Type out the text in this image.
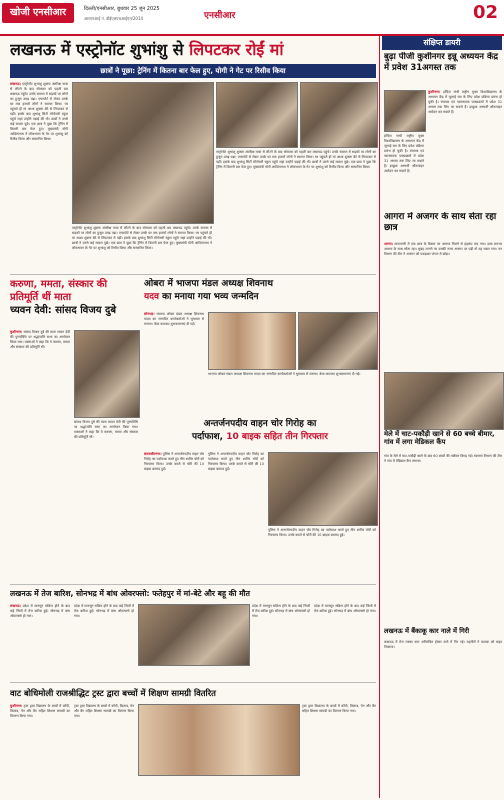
खोजी एनसीआर	दिल्ली/एनसीआर, बुधवार 25 जून 2025
आरएनआई नं. डीईएलएचआईएन/2014	एनसीआर	02
लखनऊ में एस्ट्रोनॉट शुभांशु से लिपटकर रोईं मां
छात्रों ने पूछा: ट्रेनिंग में कितना बार फेल हुए, योगी ने गेट पर रिसीव किया
लखनऊ। एस्ट्रोनॉट शुभांशु शुक्ला अंतरिक्ष यात्रा से लौटने के बाद सोमवार को पहली बार लखनऊ पहुंचे। उनके स्वागत में सड़कों पर लोगों का हुजूम उमड़ पड़ा। एयरपोर्ट से लेकर उनके घर तक हजारों लोगों ने स्वागत किया। घर पहुंचते ही मां आशा शुक्ला बेटे से लिपटकर रो पड़ीं। इसके बाद शुभांशु सिटी मॉन्टेसरी स्कूल पहुंचे जहां उन्होंने पढ़ाई की थी। छात्रों ने उनसे कई सवाल पूछे। एक छात्र ने पूछा कि ट्रेनिंग में कितनी बार फेल हुए। मुख्यमंत्री योगी आदित्यनाथ ने लोकभवन के गेट पर शुभांशु को रिसीव किया और सम्मानित किया।
एस्ट्रोनॉट शुभांशु शुक्ला अंतरिक्ष यात्रा से लौटने के बाद सोमवार को पहली बार लखनऊ पहुंचे। उनके स्वागत में सड़कों पर लोगों का हुजूम उमड़ पड़ा। एयरपोर्ट से लेकर उनके घर तक हजारों लोगों ने स्वागत किया। घर पहुंचते ही मां आशा शुक्ला बेटे से लिपटकर रो पड़ीं। इसके बाद शुभांशु सिटी मॉन्टेसरी स्कूल पहुंचे जहां उन्होंने पढ़ाई की थी। छात्रों ने उनसे कई सवाल पूछे। एक छात्र ने पूछा कि ट्रेनिंग में कितनी बार फेल हुए। मुख्यमंत्री योगी आदित्यनाथ ने लोकभवन के गेट पर शुभांशु को रिसीव किया और सम्मानित किया।
एस्ट्रोनॉट शुभांशु शुक्ला अंतरिक्ष यात्रा से लौटने के बाद सोमवार को पहली बार लखनऊ पहुंचे। उनके स्वागत में सड़कों पर लोगों का हुजूम उमड़ पड़ा। एयरपोर्ट से लेकर उनके घर तक हजारों लोगों ने स्वागत किया। घर पहुंचते ही मां आशा शुक्ला बेटे से लिपटकर रो पड़ीं। इसके बाद शुभांशु सिटी मॉन्टेसरी स्कूल पहुंचे जहां उन्होंने पढ़ाई की थी। छात्रों ने उनसे कई सवाल पूछे। एक छात्र ने पूछा कि ट्रेनिंग में कितनी बार फेल हुए। मुख्यमंत्री योगी आदित्यनाथ ने लोकभवन के गेट पर शुभांशु को रिसीव किया और सम्मानित किया।
करुणा, ममता, संस्कार की प्रतिमूर्ति थीं माता
च्यवन देवी: सांसद विजय दुबे
कुशीनगर। सांसद विजय दुबे की माता च्यवन देवी की पुण्यतिथि पर श्रद्धांजलि सभा का आयोजन किया गया। वक्ताओं ने कहा कि वे करुणा, ममता और संस्कार की प्रतिमूर्ति थीं।
सांसद विजय दुबे की माता च्यवन देवी की पुण्यतिथि पर श्रद्धांजलि सभा का आयोजन किया गया। वक्ताओं ने कहा कि वे करुणा, ममता और संस्कार की प्रतिमूर्ति थीं।
ओबरा में भाजपा मंडल अध्यक्ष शिवनाथ
यदव का मनाया गया भव्य जन्मदिन
सोनभद्र। भाजपा ओबरा मंडल अध्यक्ष शिवनाथ यादव का जन्मदिन कार्यकर्ताओं ने धूमधाम से मनाया। केक काटकर शुभकामनाएं दी गईं।
भाजपा ओबरा मंडल अध्यक्ष शिवनाथ यादव का जन्मदिन कार्यकर्ताओं ने धूमधाम से मनाया। केक काटकर शुभकामनाएं दी गईं।
अन्तर्जनपदीय वाहन चोर गिरोह का
पर्दाफाश, 10 बाइक सहित तीन गिरफ्तार
संतकबीरनगर। पुलिस ने अन्तर्जनपदीय वाहन चोर गिरोह का पर्दाफाश करते हुए तीन शातिर चोरों को गिरफ्तार किया। उनके कब्जे से चोरी की 10 बाइक बरामद हुईं।
पुलिस ने अन्तर्जनपदीय वाहन चोर गिरोह का पर्दाफाश करते हुए तीन शातिर चोरों को गिरफ्तार किया। उनके कब्जे से चोरी की 10 बाइक बरामद हुईं।
पुलिस ने अन्तर्जनपदीय वाहन चोर गिरोह का पर्दाफाश करते हुए तीन शातिर चोरों को गिरफ्तार किया। उनके कब्जे से चोरी की 10 बाइक बरामद हुईं।
लखनऊ में तेज बारिश, सोनभद्र में बांध ओवरफ्लो: फतेहपुर में मां-बेटे और बहू की मौत
लखनऊ। प्रदेश में मानसून सक्रिय होने के बाद कई जिलों में तेज बारिश हुई। सोनभद्र में बांध ओवरफ्लो हो गया।
प्रदेश में मानसून सक्रिय होने के बाद कई जिलों में तेज बारिश हुई। सोनभद्र में बांध ओवरफ्लो हो गया।
प्रदेश में मानसून सक्रिय होने के बाद कई जिलों में तेज बारिश हुई। सोनभद्र में बांध ओवरफ्लो हो गया।
प्रदेश में मानसून सक्रिय होने के बाद कई जिलों में तेज बारिश हुई। सोनभद्र में बांध ओवरफ्लो हो गया।
वाट बोधिमोली राजश्रीद्धिट ट्रस्ट द्वारा बच्चों में शिक्षण सामग्री वितरित
कुशीनगर। ट्रस्ट द्वारा विद्यालय के बच्चों में कॉपी, किताब, पेन और बैग सहित शिक्षण सामग्री का वितरण किया गया।
ट्रस्ट द्वारा विद्यालय के बच्चों में कॉपी, किताब, पेन और बैग सहित शिक्षण सामग्री का वितरण किया गया।
ट्रस्ट द्वारा विद्यालय के बच्चों में कॉपी, किताब, पेन और बैग सहित शिक्षण सामग्री का वितरण किया गया।
संक्षिप्त डायरी
बुढ़ा पीजी कुशीनगर इन्नू अध्ययन केंद्र में प्रवेश 31अगस्त तक
कुशीनगर। इन्दिरा गांधी राष्ट्रीय मुक्त विश्वविद्यालय के अध्ययन केंद्र में जुलाई सत्र के लिए प्रवेश प्रक्रिया प्रारंभ हो चुकी है। स्नातक एवं परास्नातक पाठ्यक्रमों में प्रवेश 31 अगस्त तक लिए जा सकते हैं। इच्छुक अभ्यर्थी ऑनलाइन आवेदन कर सकते हैं।
इन्दिरा गांधी राष्ट्रीय मुक्त विश्वविद्यालय के अध्ययन केंद्र में जुलाई सत्र के लिए प्रवेश प्रक्रिया प्रारंभ हो चुकी है। स्नातक एवं परास्नातक पाठ्यक्रमों में प्रवेश 31 अगस्त तक लिए जा सकते हैं। इच्छुक अभ्यर्थी ऑनलाइन आवेदन कर सकते हैं।
आगरा में अजगर के साथ सेता रहा छात्र
आगरा। ताजनगरी में एक छात्र के बिस्तर पर अजगर मिलने से हड़कंप मच गया। छात्र रातभर अजगर के साथ सोता रहा। सुबह जागने पर उसकी नजर अजगर पर पड़ी तो वह घबरा गया। वन विभाग की टीम ने अजगर को पकड़कर जंगल में छोड़ा।
मेले में चाट-पकौड़ी खाने से 60 बच्चे बीमार, गांव में लगा मेडिकल कैंप
गांव के मेले में चाट-पकौड़ी खाने के बाद 60 बच्चों की तबीयत बिगड़ गई। स्वास्थ्य विभाग की टीम ने गांव में मेडिकल कैंप लगाया।
लखनऊ में बैंकाकू कार नाले में गिरी
लखनऊ में तेज रफ्तार कार अनियंत्रित होकर नाले में गिर गई। राहगीरों ने चालक को बाहर निकाला।
